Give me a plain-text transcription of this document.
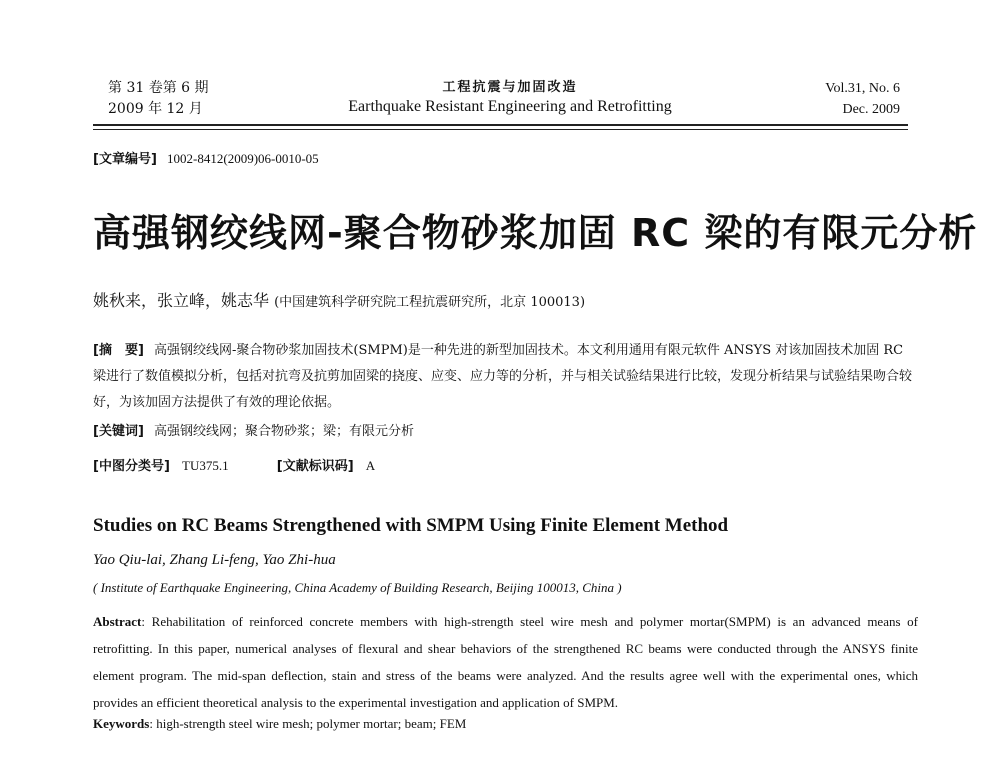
第 31 卷第 6 期
2009 年 12 月
工程抗震与加固改造
Earthquake Resistant Engineering and Retrofitting
Vol.31, No. 6
Dec. 2009
[文章编号] 1002-8412(2009)06-0010-05
高强钢绞线网-聚合物砂浆加固 RC 梁的有限元分析
姚秋来，张立峰，姚志华 (中国建筑科学研究院工程抗震研究所，北京 100013)
[摘　要] 高强钢绞线网-聚合物砂浆加固技术(SMPM)是一种先进的新型加固技术。本文利用通用有限元软件 ANSYS 对该加固技术加固 RC 梁进行了数值模拟分析，包括对抗弯及抗剪加固梁的挠度、应变、应力等的分析，并与相关试验结果进行比较，发现分析结果与试验结果吻合较好，为该加固方法提供了有效的理论依据。
[关键词] 高强钢绞线网；聚合物砂浆；梁；有限元分析
[中图分类号] TU375.1	[文献标识码] A
Studies on RC Beams Strengthened with SMPM Using Finite Element Method
Yao Qiu-lai, Zhang Li-feng, Yao Zhi-hua
( Institute of Earthquake Engineering, China Academy of Building Research, Beijing 100013, China )
Abstract: Rehabilitation of reinforced concrete members with high-strength steel wire mesh and polymer mortar(SMPM) is an advanced means of retrofitting. In this paper, numerical analyses of flexural and shear behaviors of the strengthened RC beams were conducted through the ANSYS finite element program. The mid-span deflection, stain and stress of the beams were analyzed. And the results agree well with the experimental ones, which provides an efficient theoretical analysis to the experimental investigation and application of SMPM.
Keywords: high-strength steel wire mesh; polymer mortar; beam; FEM
